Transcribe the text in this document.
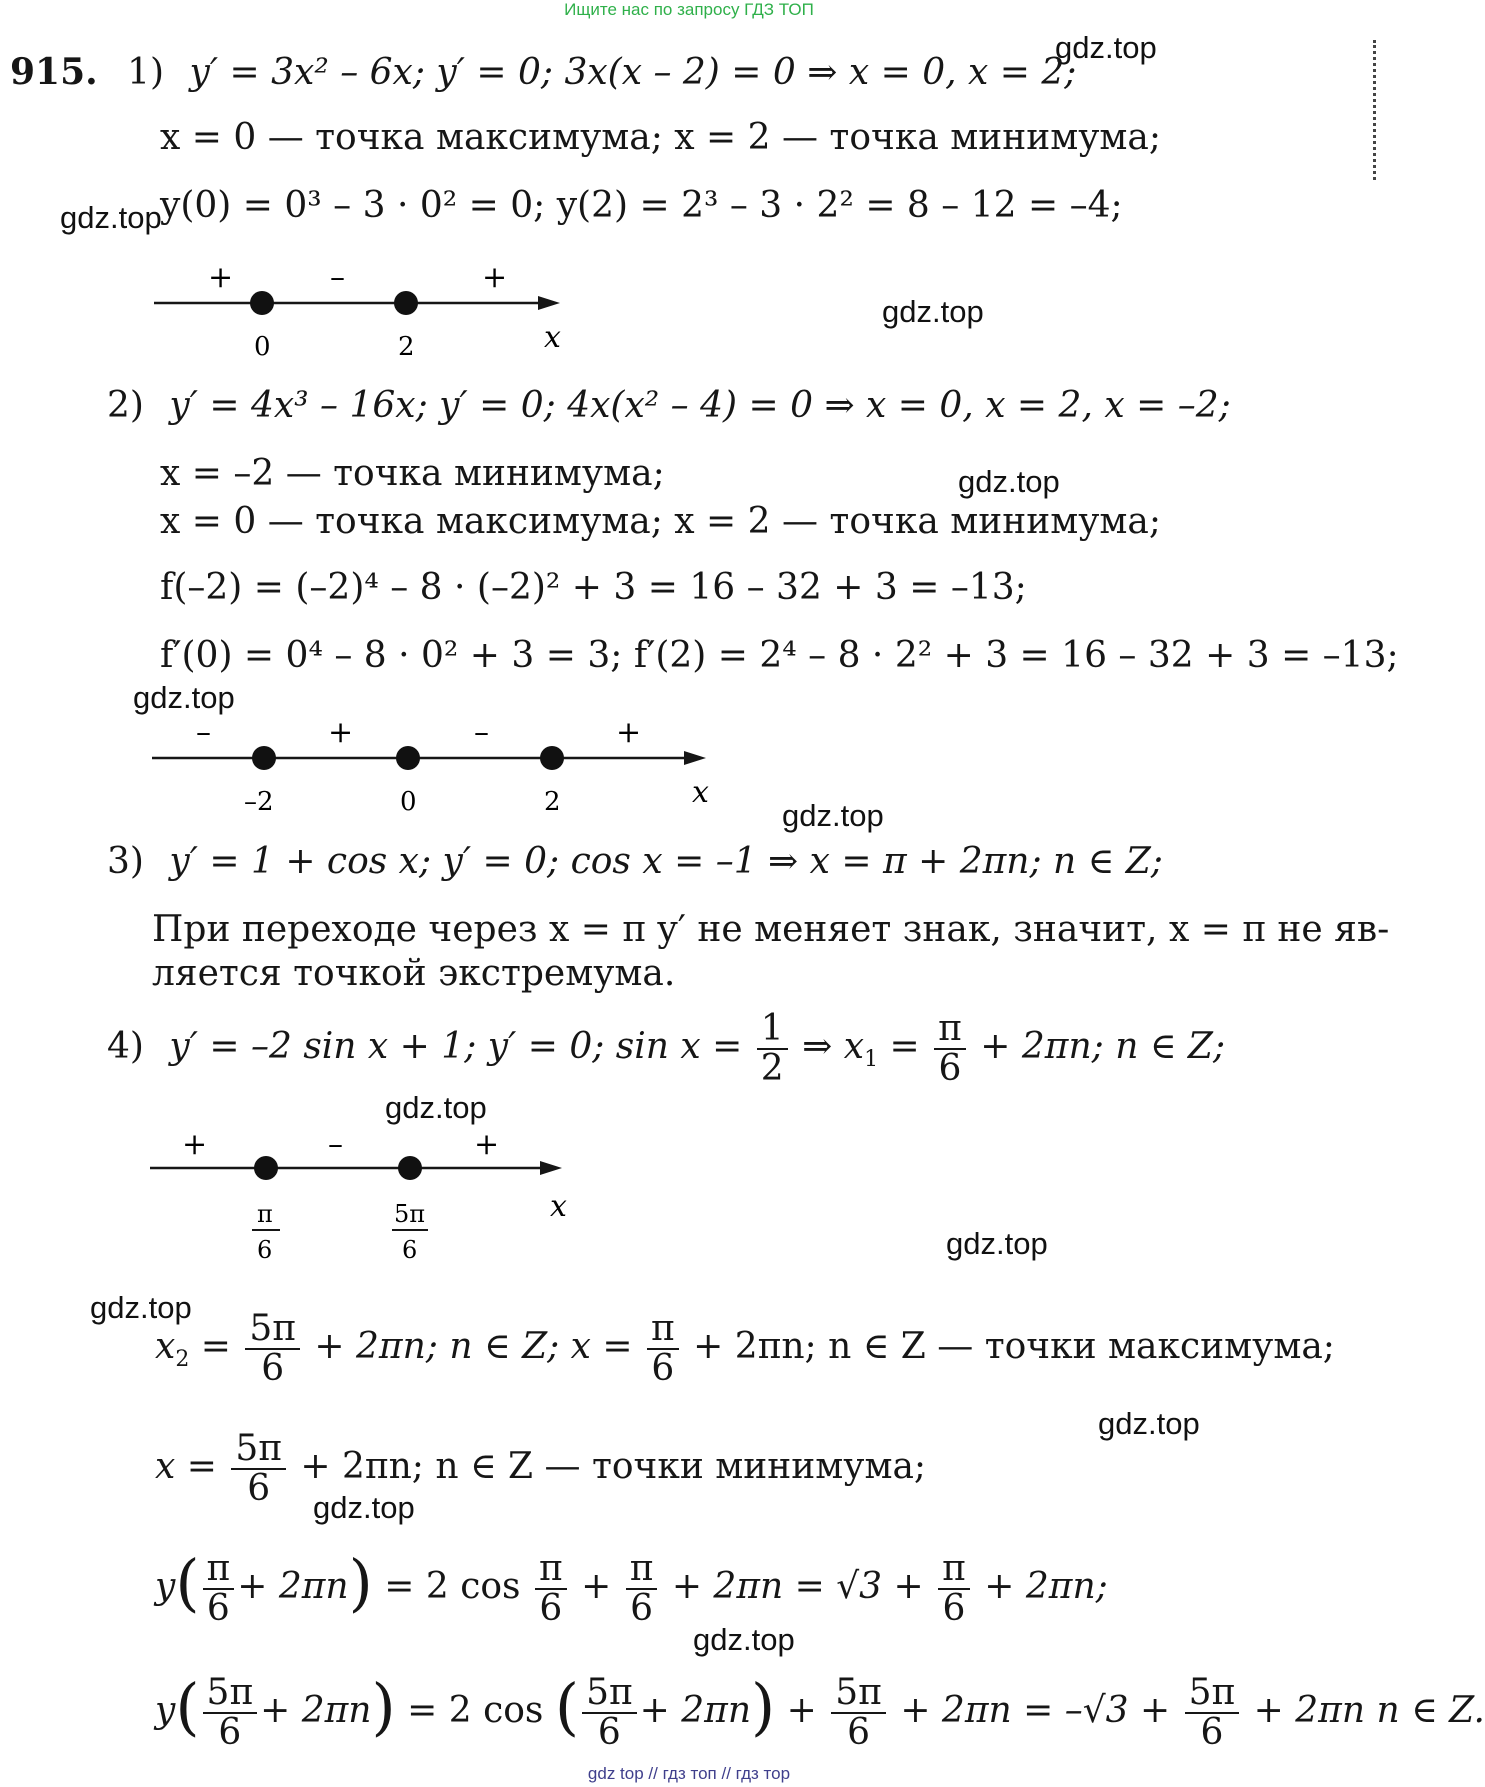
Ищите нас по запросу ГДЗ ТОП
gdz.top
gdz.top
gdz.top
gdz.top
gdz.top
gdz.top
gdz.top
gdz.top
gdz.top
gdz.top
gdz.top
gdz.top
915. 1) y′ = 3x² – 6x; y′ = 0; 3x(x – 2) = 0 ⇒ x = 0, x = 2;
x = 0 — точка максимума; x = 2 — точка минимума;
y(0) = 0³ – 3 · 0² = 0; y(2) = 2³ – 3 · 2² = 8 – 12 = –4;
+	–	+
0	2	x
2) y′ = 4x³ – 16x; y′ = 0; 4x(x² – 4) = 0 ⇒ x = 0, x = 2, x = –2;
x = –2 — точка минимума;
x = 0 — точка максимума; x = 2 — точка минимума;
f(–2) = (–2)⁴ – 8 · (–2)² + 3 = 16 – 32 + 3 = –13;
f′(0) = 0⁴ – 8 · 0² + 3 = 3; f′(2) = 2⁴ – 8 · 2² + 3 = 16 – 32 + 3 = –13;
–	+	–	+
–2	0	2	x
3) y′ = 1 + cos x; y′ = 0; cos x = –1 ⇒ x = π + 2πn; n ∈ Z;
При переходе через x = π y′ не меняет знак, значит, x = π не яв-
ляется точкой экстремума.
4) y′ = –2 sin x + 1; y′ = 0; $\sin x = \frac{1}{2}$ ⇒ $x_1 = \frac{\pi}{6} + 2\pi n$; n ∈ Z;
+	–	+
π
6
5π
6
x
$x_2 = \frac{5\pi}{6} + 2\pi n$; n ∈ Z; $x = \frac{\pi}{6} + 2\pi n$; n ∈ Z — точки максимума;
$x = \frac{5\pi}{6} + 2\pi n$; n ∈ Z — точки минимума;
$y( \frac{\pi}{6} + 2\pi n) = 2$ $\cos \frac{\pi}{6} + \frac{\pi}{6} + 2\pi n = √3 + \frac{\pi}{6} + 2\pi n$;
$y( \frac{5\pi}{6} + 2\pi n) = 2$ cos ( $\frac{5\pi}{6} + 2\pi n) + \frac{5\pi}{6} + 2\pi n = -√3 + \frac{5\pi}{6} + 2\pi n$ n ∈ Z.
gdz top // гдз топ // гдз тор
